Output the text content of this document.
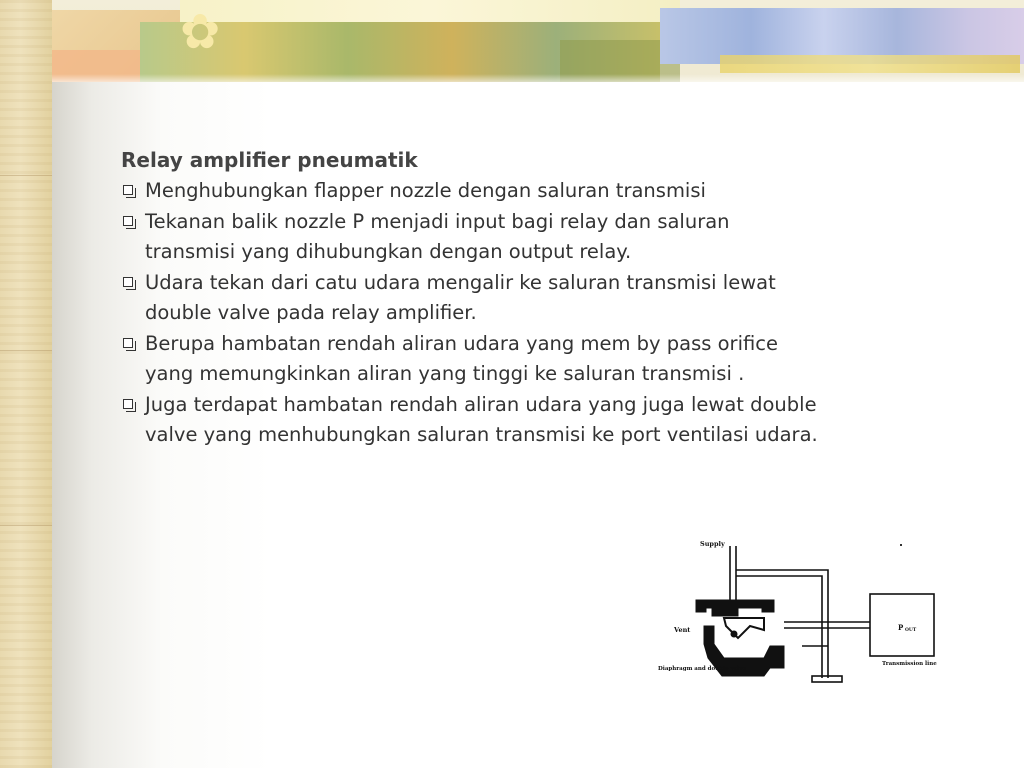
✿

Relay amplifier pneumatik

Menghubungkan flapper nozzle dengan saluran transmisi

Tekanan balik nozzle P menjadi input bagi relay dan saluran transmisi yang dihubungkan dengan output relay.

Udara tekan dari catu udara mengalir ke saluran transmisi lewat double valve pada relay amplifier.

Berupa hambatan rendah aliran udara yang mem by pass orifice yang memungkinkan aliran yang tinggi ke saluran transmisi .

Juga terdapat hambatan rendah aliran udara yang juga lewat double valve yang menhubungkan saluran transmisi ke port ventilasi udara.

Supply
Vent
Diaphragm and double valve
P OUT
Transmission line
